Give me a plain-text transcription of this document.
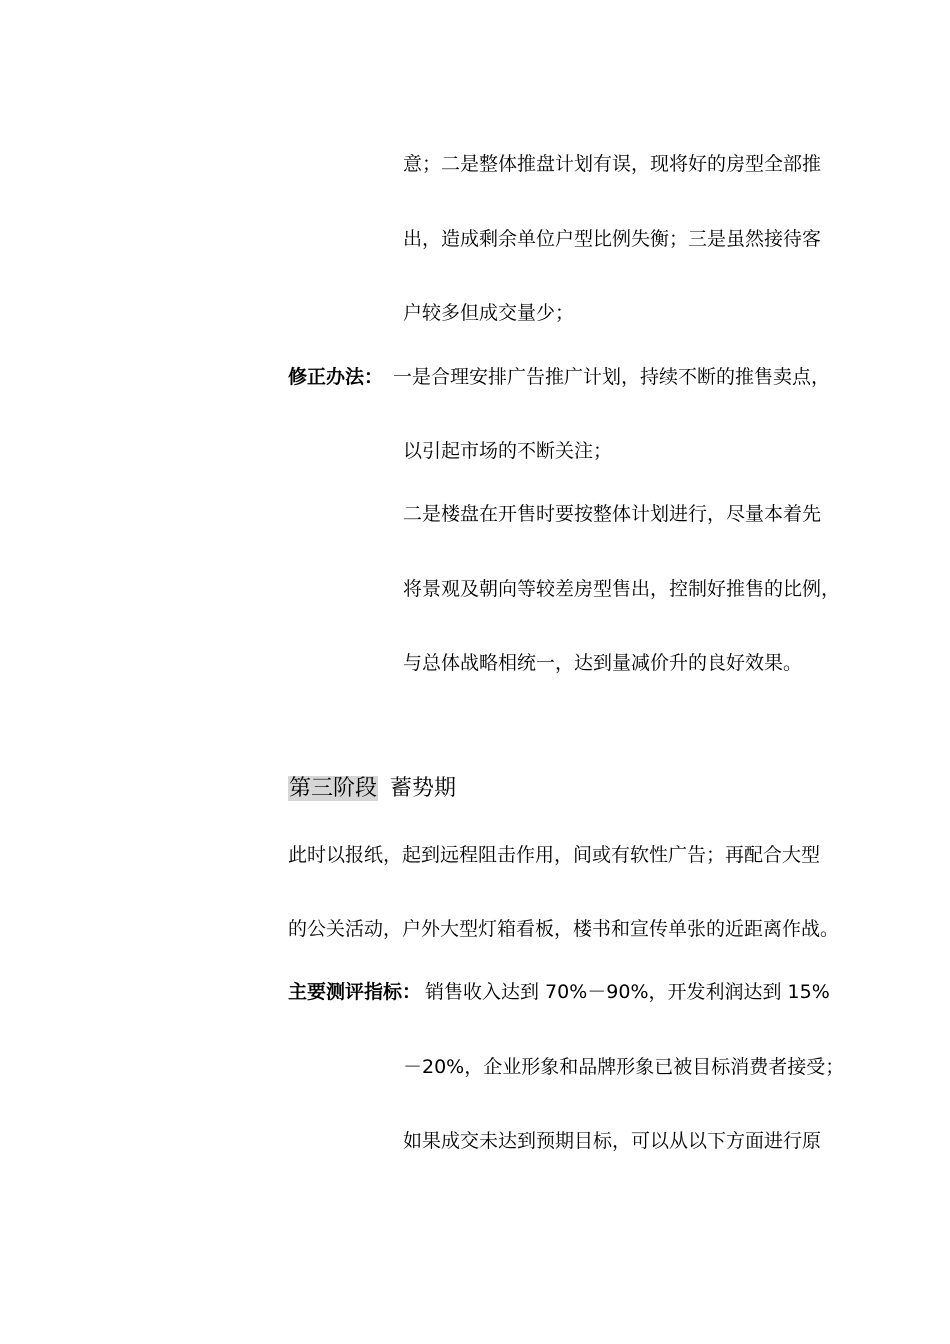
意；二是整体推盘计划有误，现将好的房型全部推
出，造成剩余单位户型比例失衡；三是虽然接待客
户较多但成交量少；
修正办法： 一是合理安排广告推广计划，持续不断的推售卖点，
以引起市场的不断关注；
二是楼盘在开售时要按整体计划进行，尽量本着先
将景观及朝向等较差房型售出，控制好推售的比例，
与总体战略相统一，达到量减价升的良好效果。
第三阶段 蓄势期
此时以报纸，起到远程阻击作用，间或有软性广告；再配合大型
的公关活动，户外大型灯箱看板，楼书和宣传单张的近距离作战。
主要测评指标： 销售收入达到 70%－90%，开发利润达到 15%
－20%，企业形象和品牌形象已被目标消费者接受；
如果成交未达到预期目标，可以从以下方面进行原
